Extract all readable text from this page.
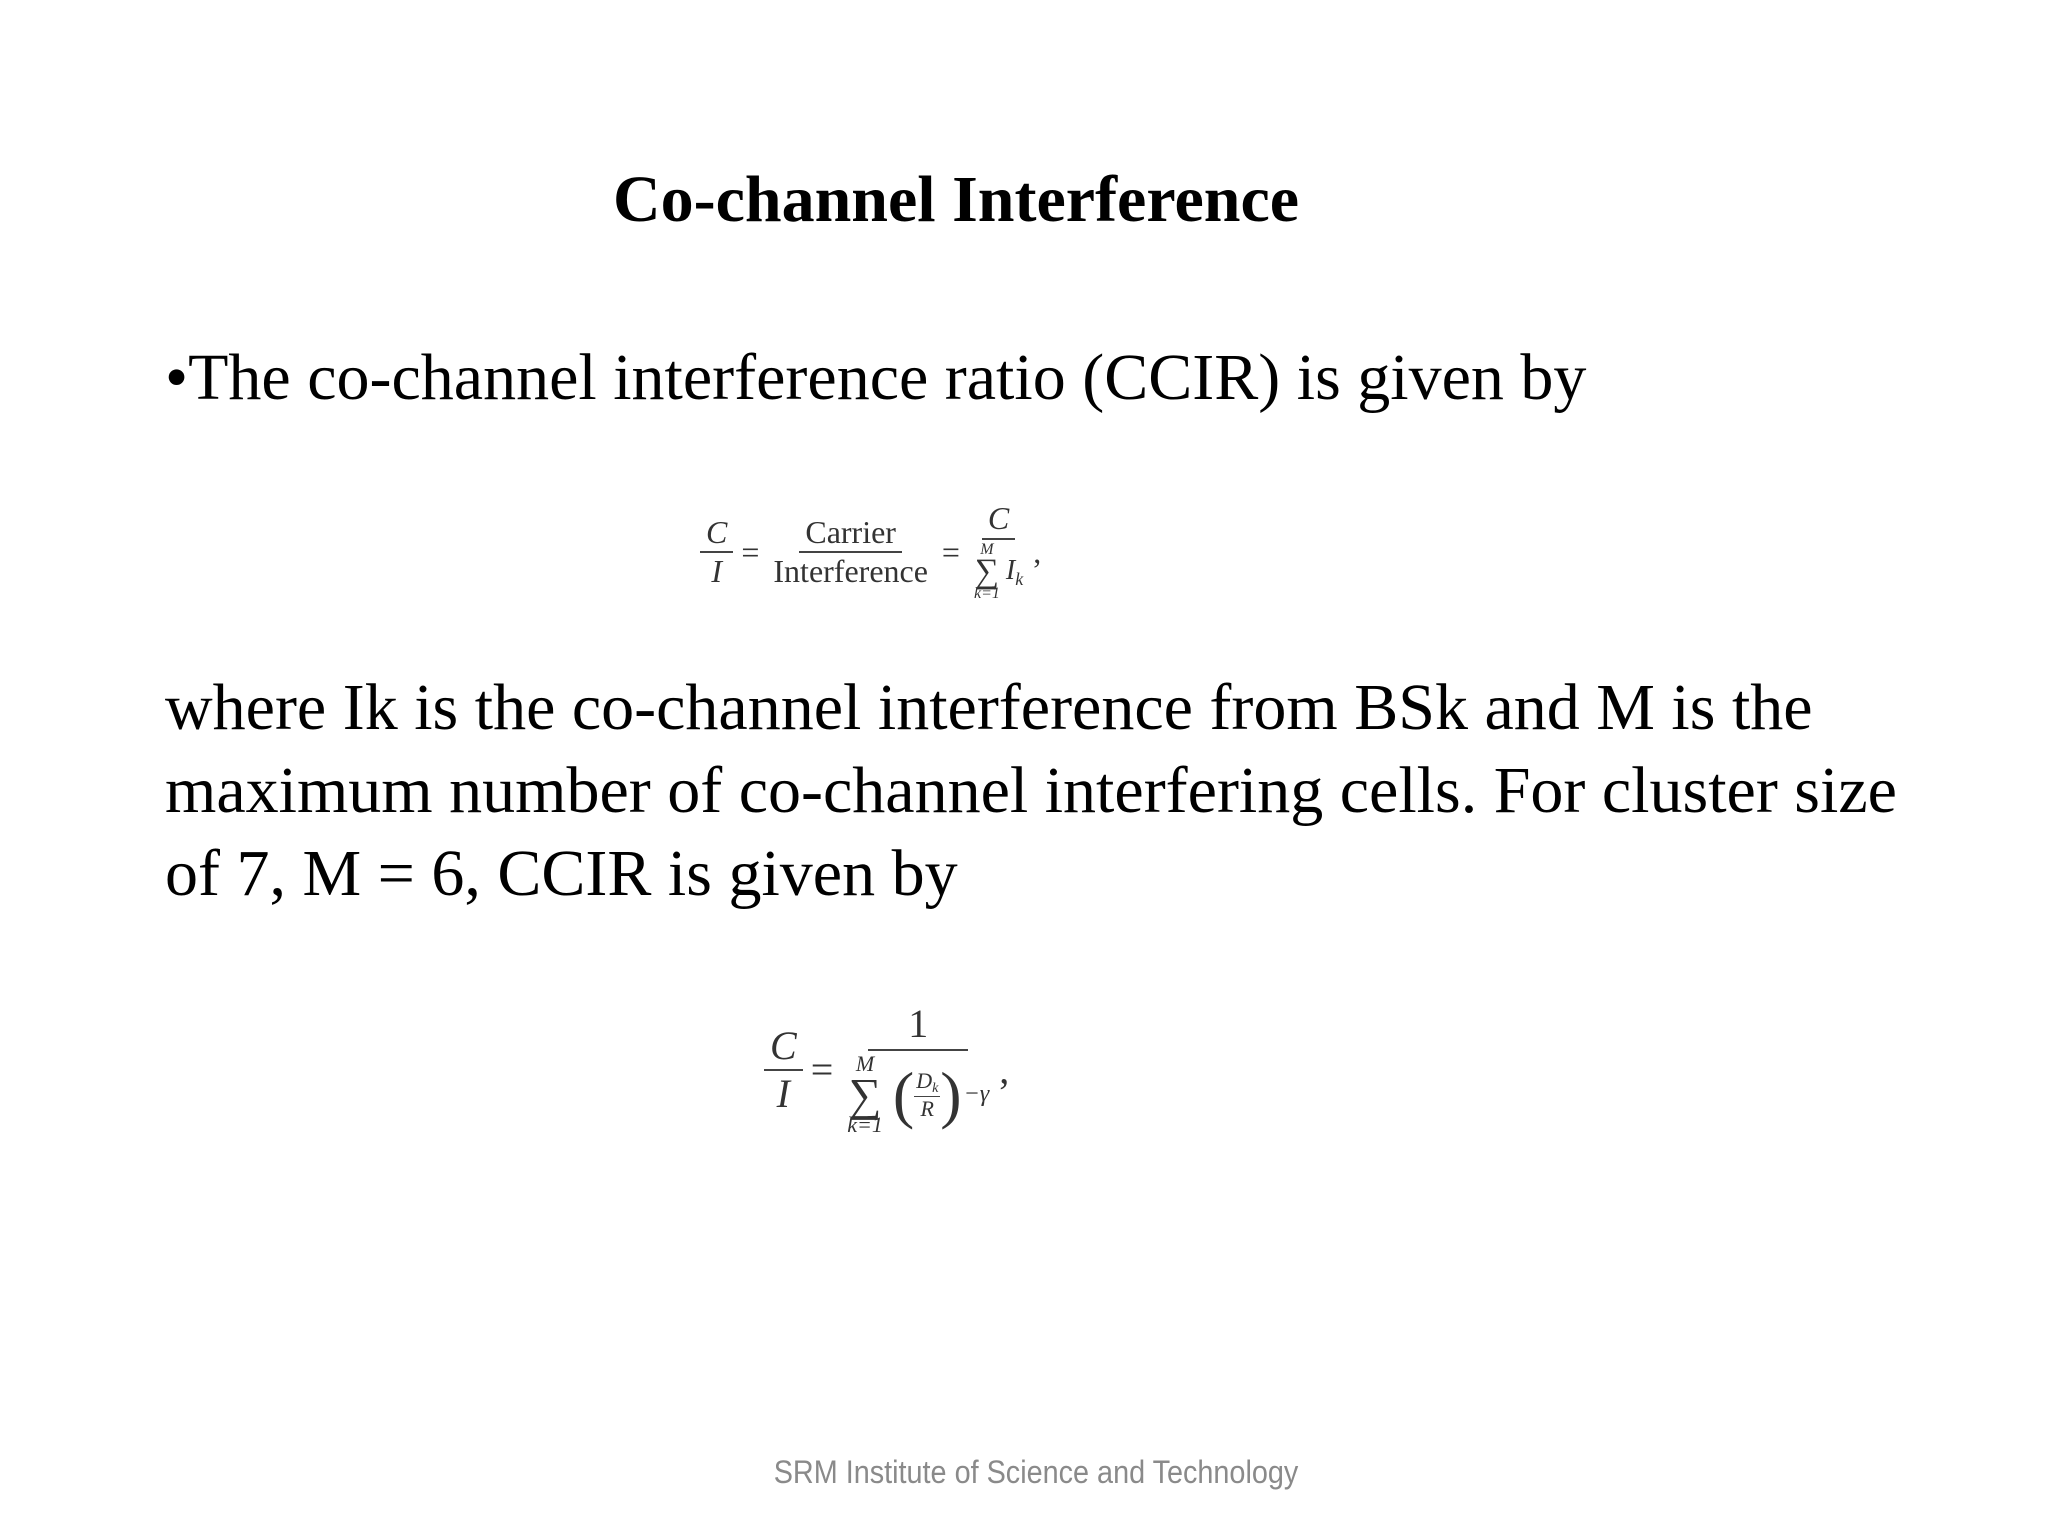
Co-channel Interference
•The co-channel interference ratio (CCIR) is given by
$\frac{C}{I} = \frac{\text{Carrier}}{\text{Interference}} = C$
M
∑
k=1
$I_k$ ,
where Ik is the co-channel interference from BSk and M is the maximum number of co-channel interfering cells. For cluster size of 7, M = 6, CCIR is given by
$\frac{C}{I}$ =
1
M
∑
k=1 ( $\frac{D_k}{R}$ ) −γ
,
SRM Institute of Science and Technology
